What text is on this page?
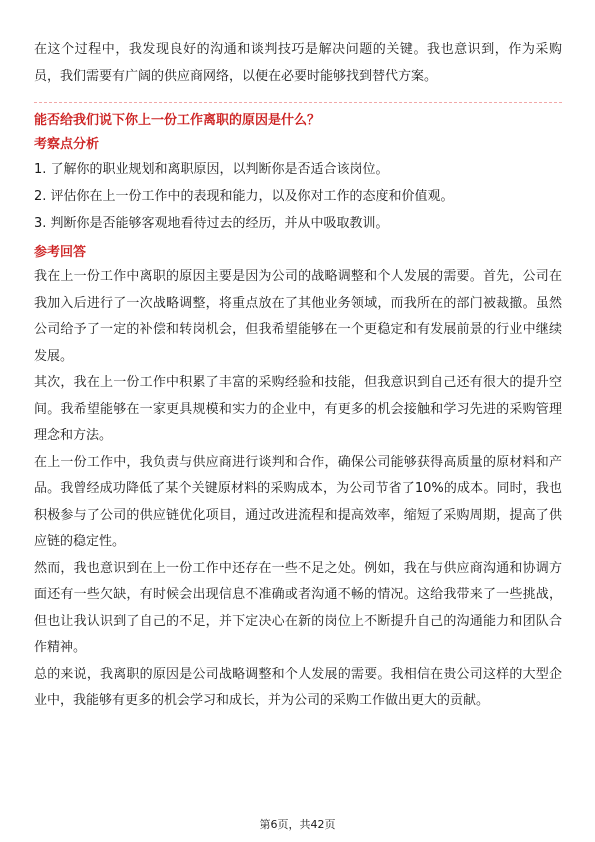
在这个过程中，我发现良好的沟通和谈判技巧是解决问题的关键。我也意识到，作为采购员，我们需要有广阔的供应商网络，以便在必要时能够找到替代方案。

能否给我们说下你上一份工作离职的原因是什么？

考察点分析

1. 了解你的职业规划和离职原因，以判断你是否适合该岗位。

2. 评估你在上一份工作中的表现和能力，以及你对工作的态度和价值观。

3. 判断你是否能够客观地看待过去的经历，并从中吸取教训。

参考回答

我在上一份工作中离职的原因主要是因为公司的战略调整和个人发展的需要。首先，公司在我加入后进行了一次战略调整，将重点放在了其他业务领域，而我所在的部门被裁撤。虽然公司给予了一定的补偿和转岗机会，但我希望能够在一个更稳定和有发展前景的行业中继续发展。

其次，我在上一份工作中积累了丰富的采购经验和技能，但我意识到自己还有很大的提升空间。我希望能够在一家更具规模和实力的企业中，有更多的机会接触和学习先进的采购管理理念和方法。

在上一份工作中，我负责与供应商进行谈判和合作，确保公司能够获得高质量的原材料和产品。我曾经成功降低了某个关键原材料的采购成本，为公司节省了10%的成本。同时，我也积极参与了公司的供应链优化项目，通过改进流程和提高效率，缩短了采购周期，提高了供应链的稳定性。

然而，我也意识到在上一份工作中还存在一些不足之处。例如，我在与供应商沟通和协调方面还有一些欠缺，有时候会出现信息不准确或者沟通不畅的情况。这给我带来了一些挑战，但也让我认识到了自己的不足，并下定决心在新的岗位上不断提升自己的沟通能力和团队合作精神。

总的来说，我离职的原因是公司战略调整和个人发展的需要。我相信在贵公司这样的大型企业中，我能够有更多的机会学习和成长，并为公司的采购工作做出更大的贡献。

第6页，共42页
